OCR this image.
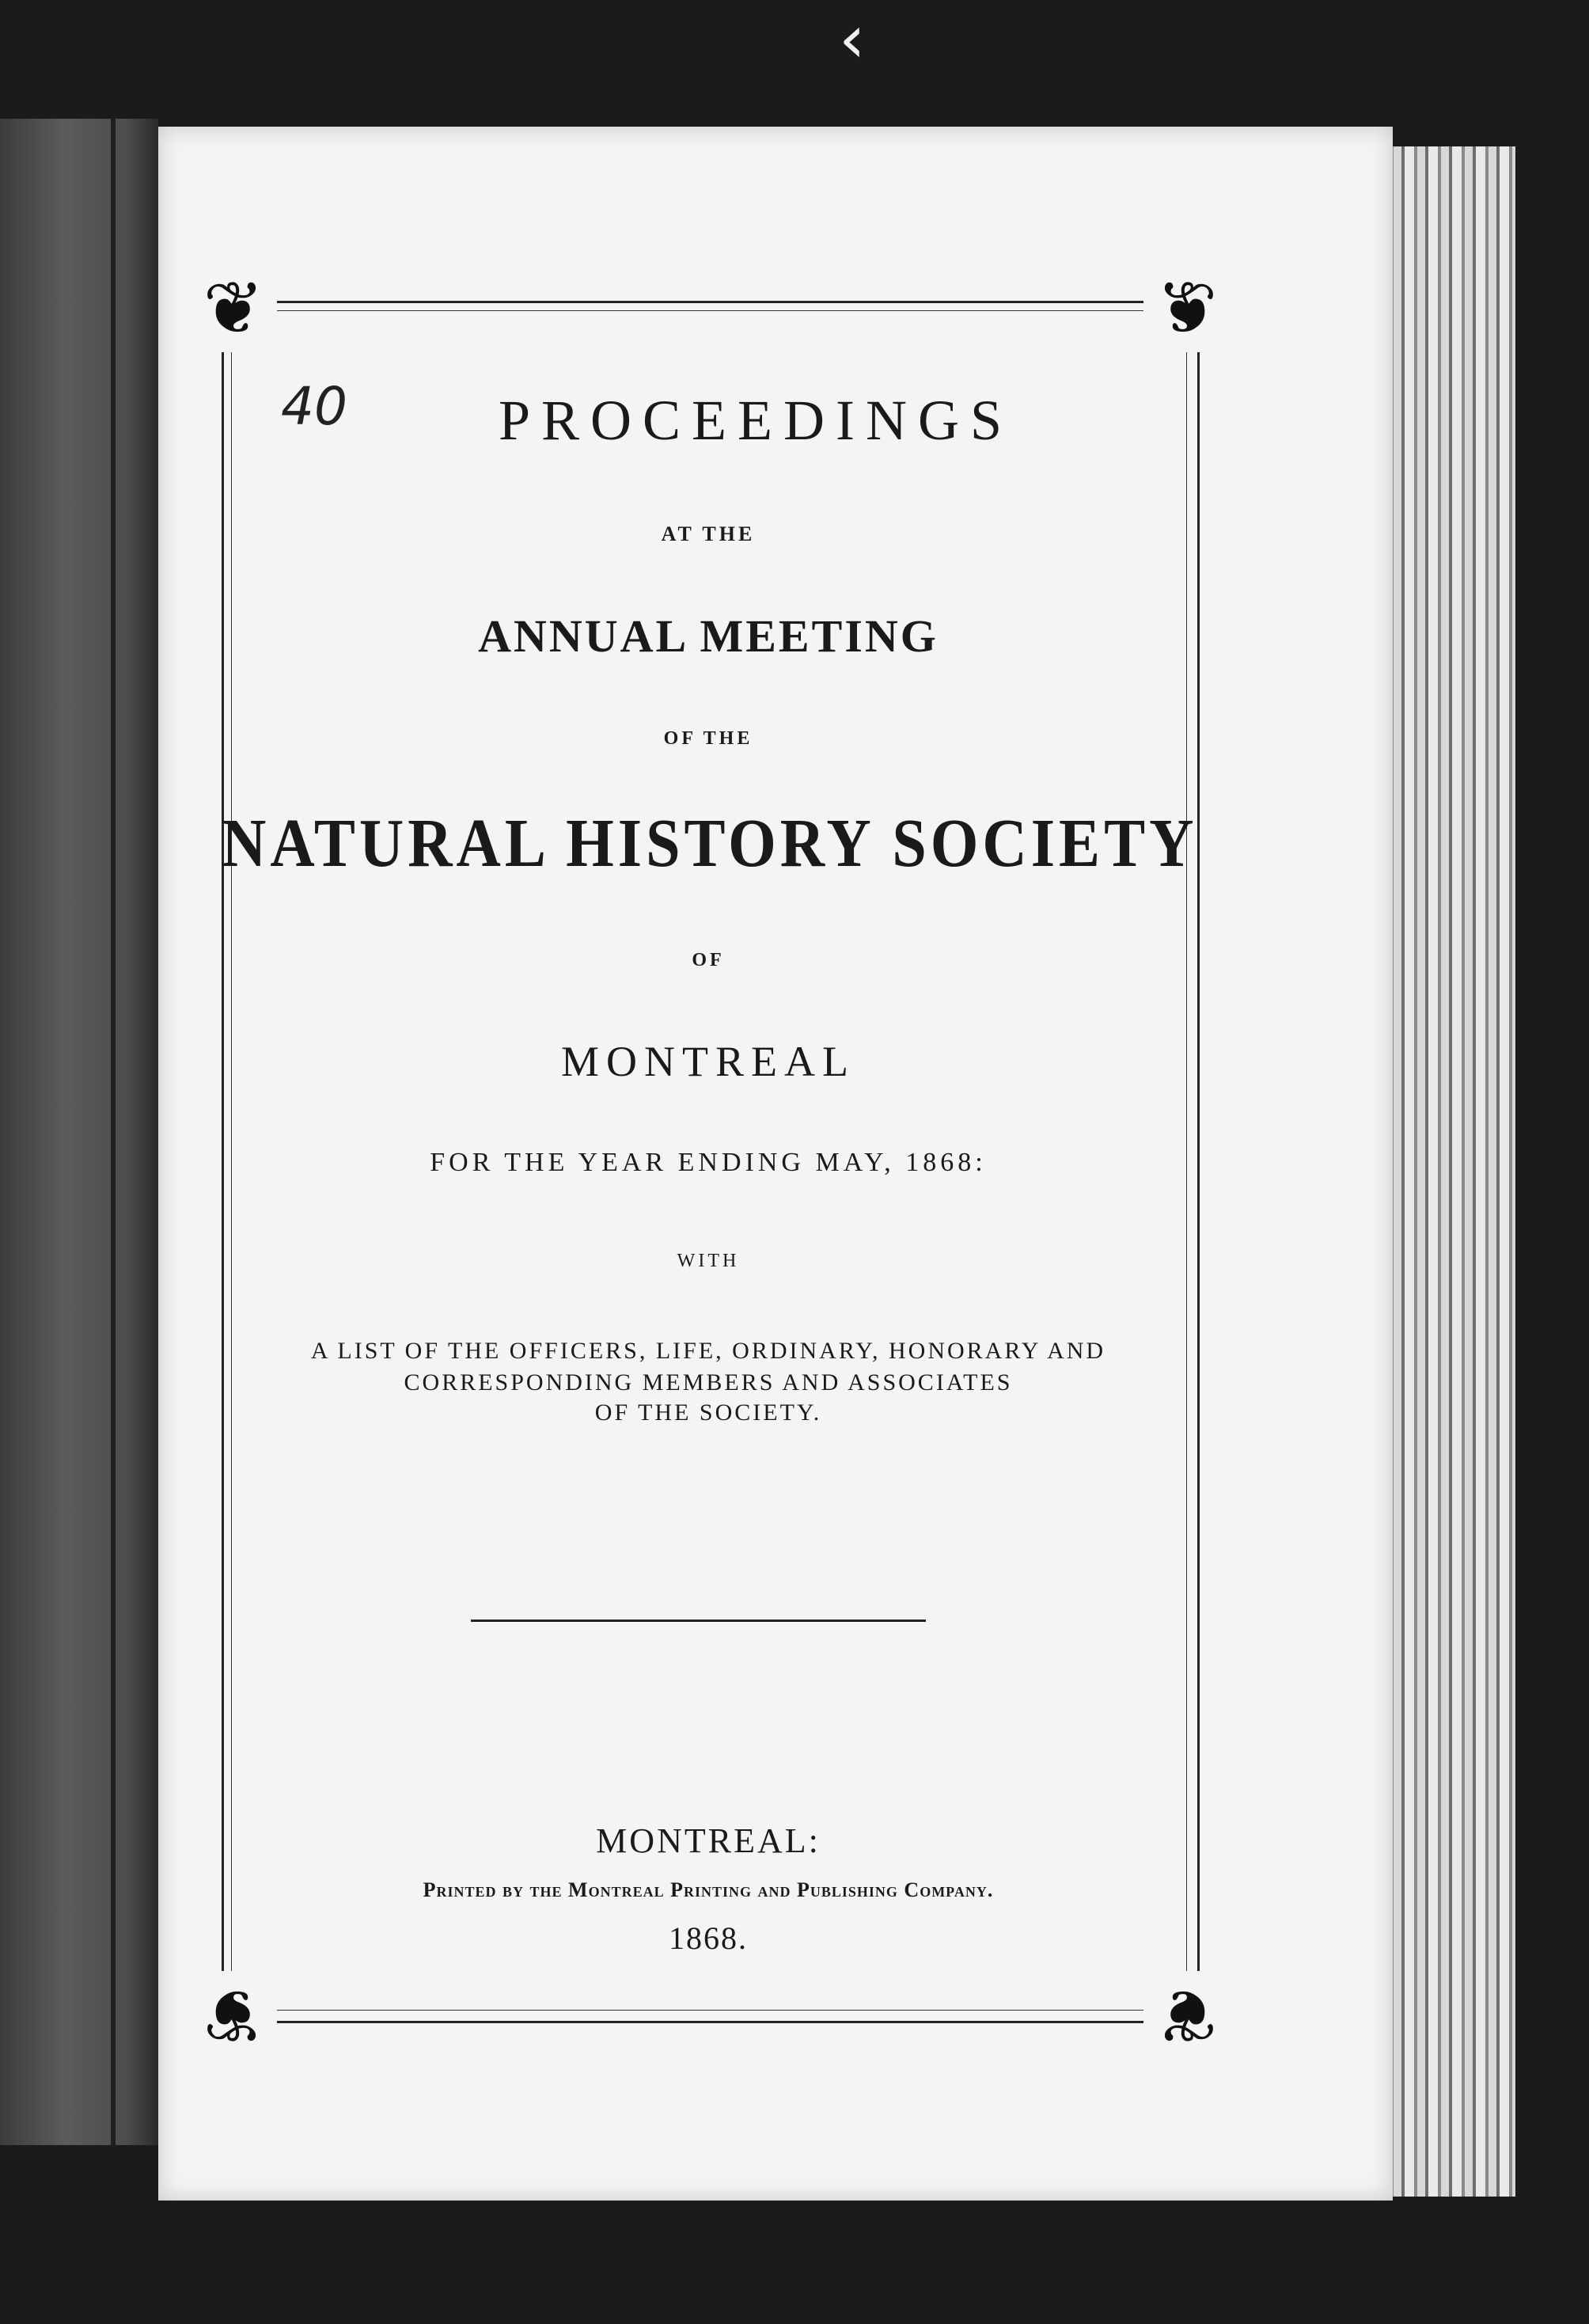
‹
❦	❦
❦	❦
40	PROCEEDINGS
AT THE
ANNUAL MEETING
OF THE
NATURAL HISTORY SOCIETY
OF
MONTREAL
FOR THE YEAR ENDING MAY, 1868:
WITH
A LIST OF THE OFFICERS, LIFE, ORDINARY, HONORARY AND
CORRESPONDING MEMBERS AND ASSOCIATES
OF THE SOCIETY.
MONTREAL:
Printed by the Montreal Printing and Publishing Company.
1868.
